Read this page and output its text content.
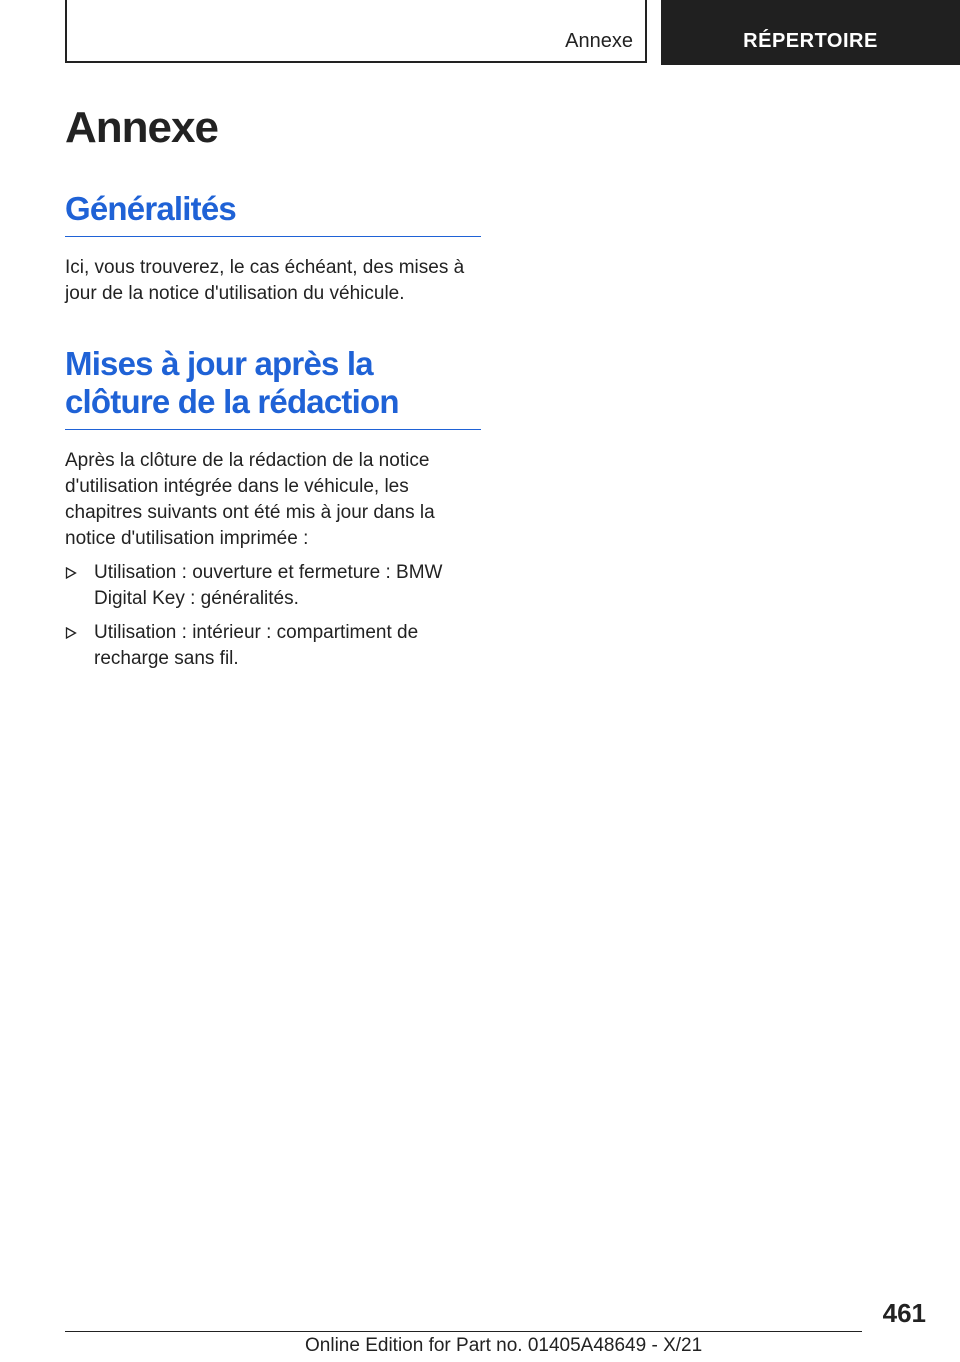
Annexe	RÉPERTOIRE
Annexe
Généralités

Ici, vous trouverez, le cas échéant, des mises à jour de la notice d'utilisation du véhicule.

Mises à jour après la
clôture de la rédaction

Après la clôture de la rédaction de la notice d'utilisation intégrée dans le véhicule, les chapitres suivants ont été mis à jour dans la notice d'utilisation imprimée :

Utilisation : ouverture et fermeture : BMW Digital Key : généralités.
Utilisation : intérieur : compartiment de recharge sans fil.
461
Online Edition for Part no. 01405A48649 - X/21
